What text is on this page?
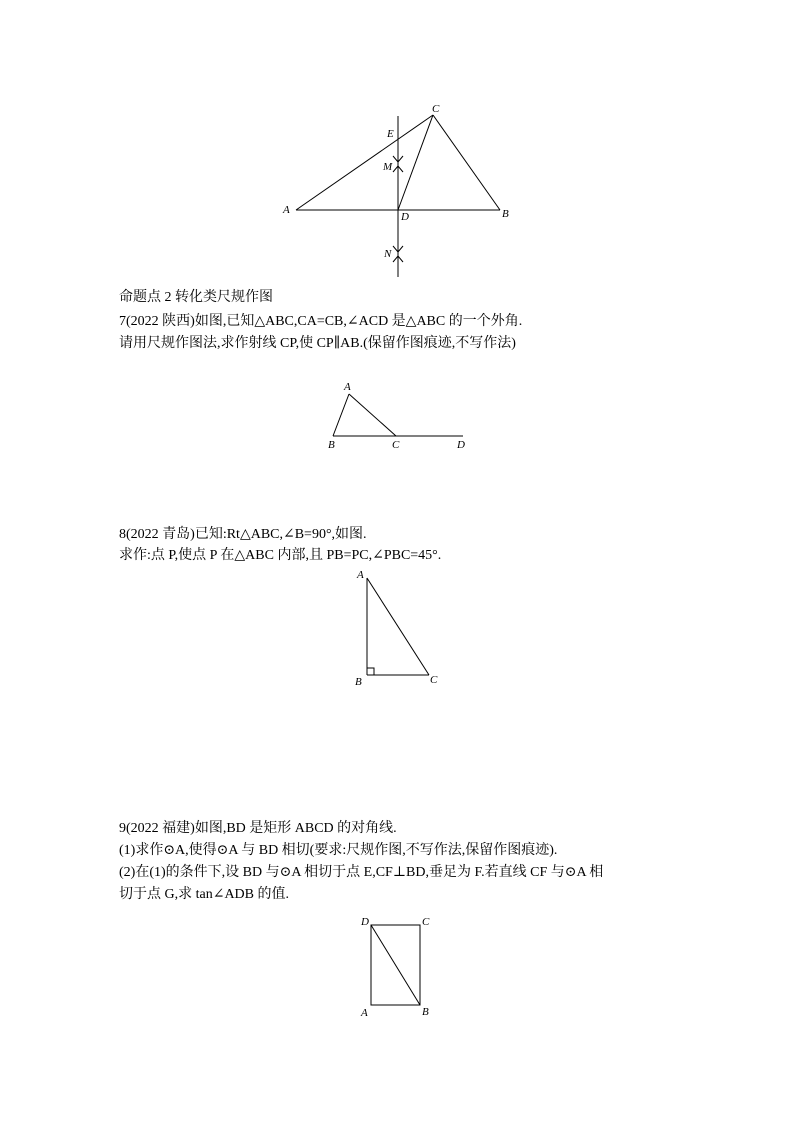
A	B
C
D
E
M
N
命题点 2 转化类尺规作图
7(2022 陕西)如图,已知△ABC,CA=CB,∠ACD 是△ABC 的一个外角.
请用尺规作图法,求作射线 CP,使 CP∥AB.(保留作图痕迹,不写作法)
A
B	C	D
8(2022 青岛)已知:Rt△ABC,∠B=90°,如图.
求作:点 P,使点 P 在△ABC 内部,且 PB=PC,∠PBC=45°.
A
B	C
9(2022 福建)如图,BD 是矩形 ABCD 的对角线.
(1)求作⊙A,使得⊙A 与 BD 相切(要求:尺规作图,不写作法,保留作图痕迹).
(2)在(1)的条件下,设 BD 与⊙A 相切于点 E,CF⊥BD,垂足为 F.若直线 CF 与⊙A 相
切于点 G,求 tan∠ADB 的值.
D	C
A	B
